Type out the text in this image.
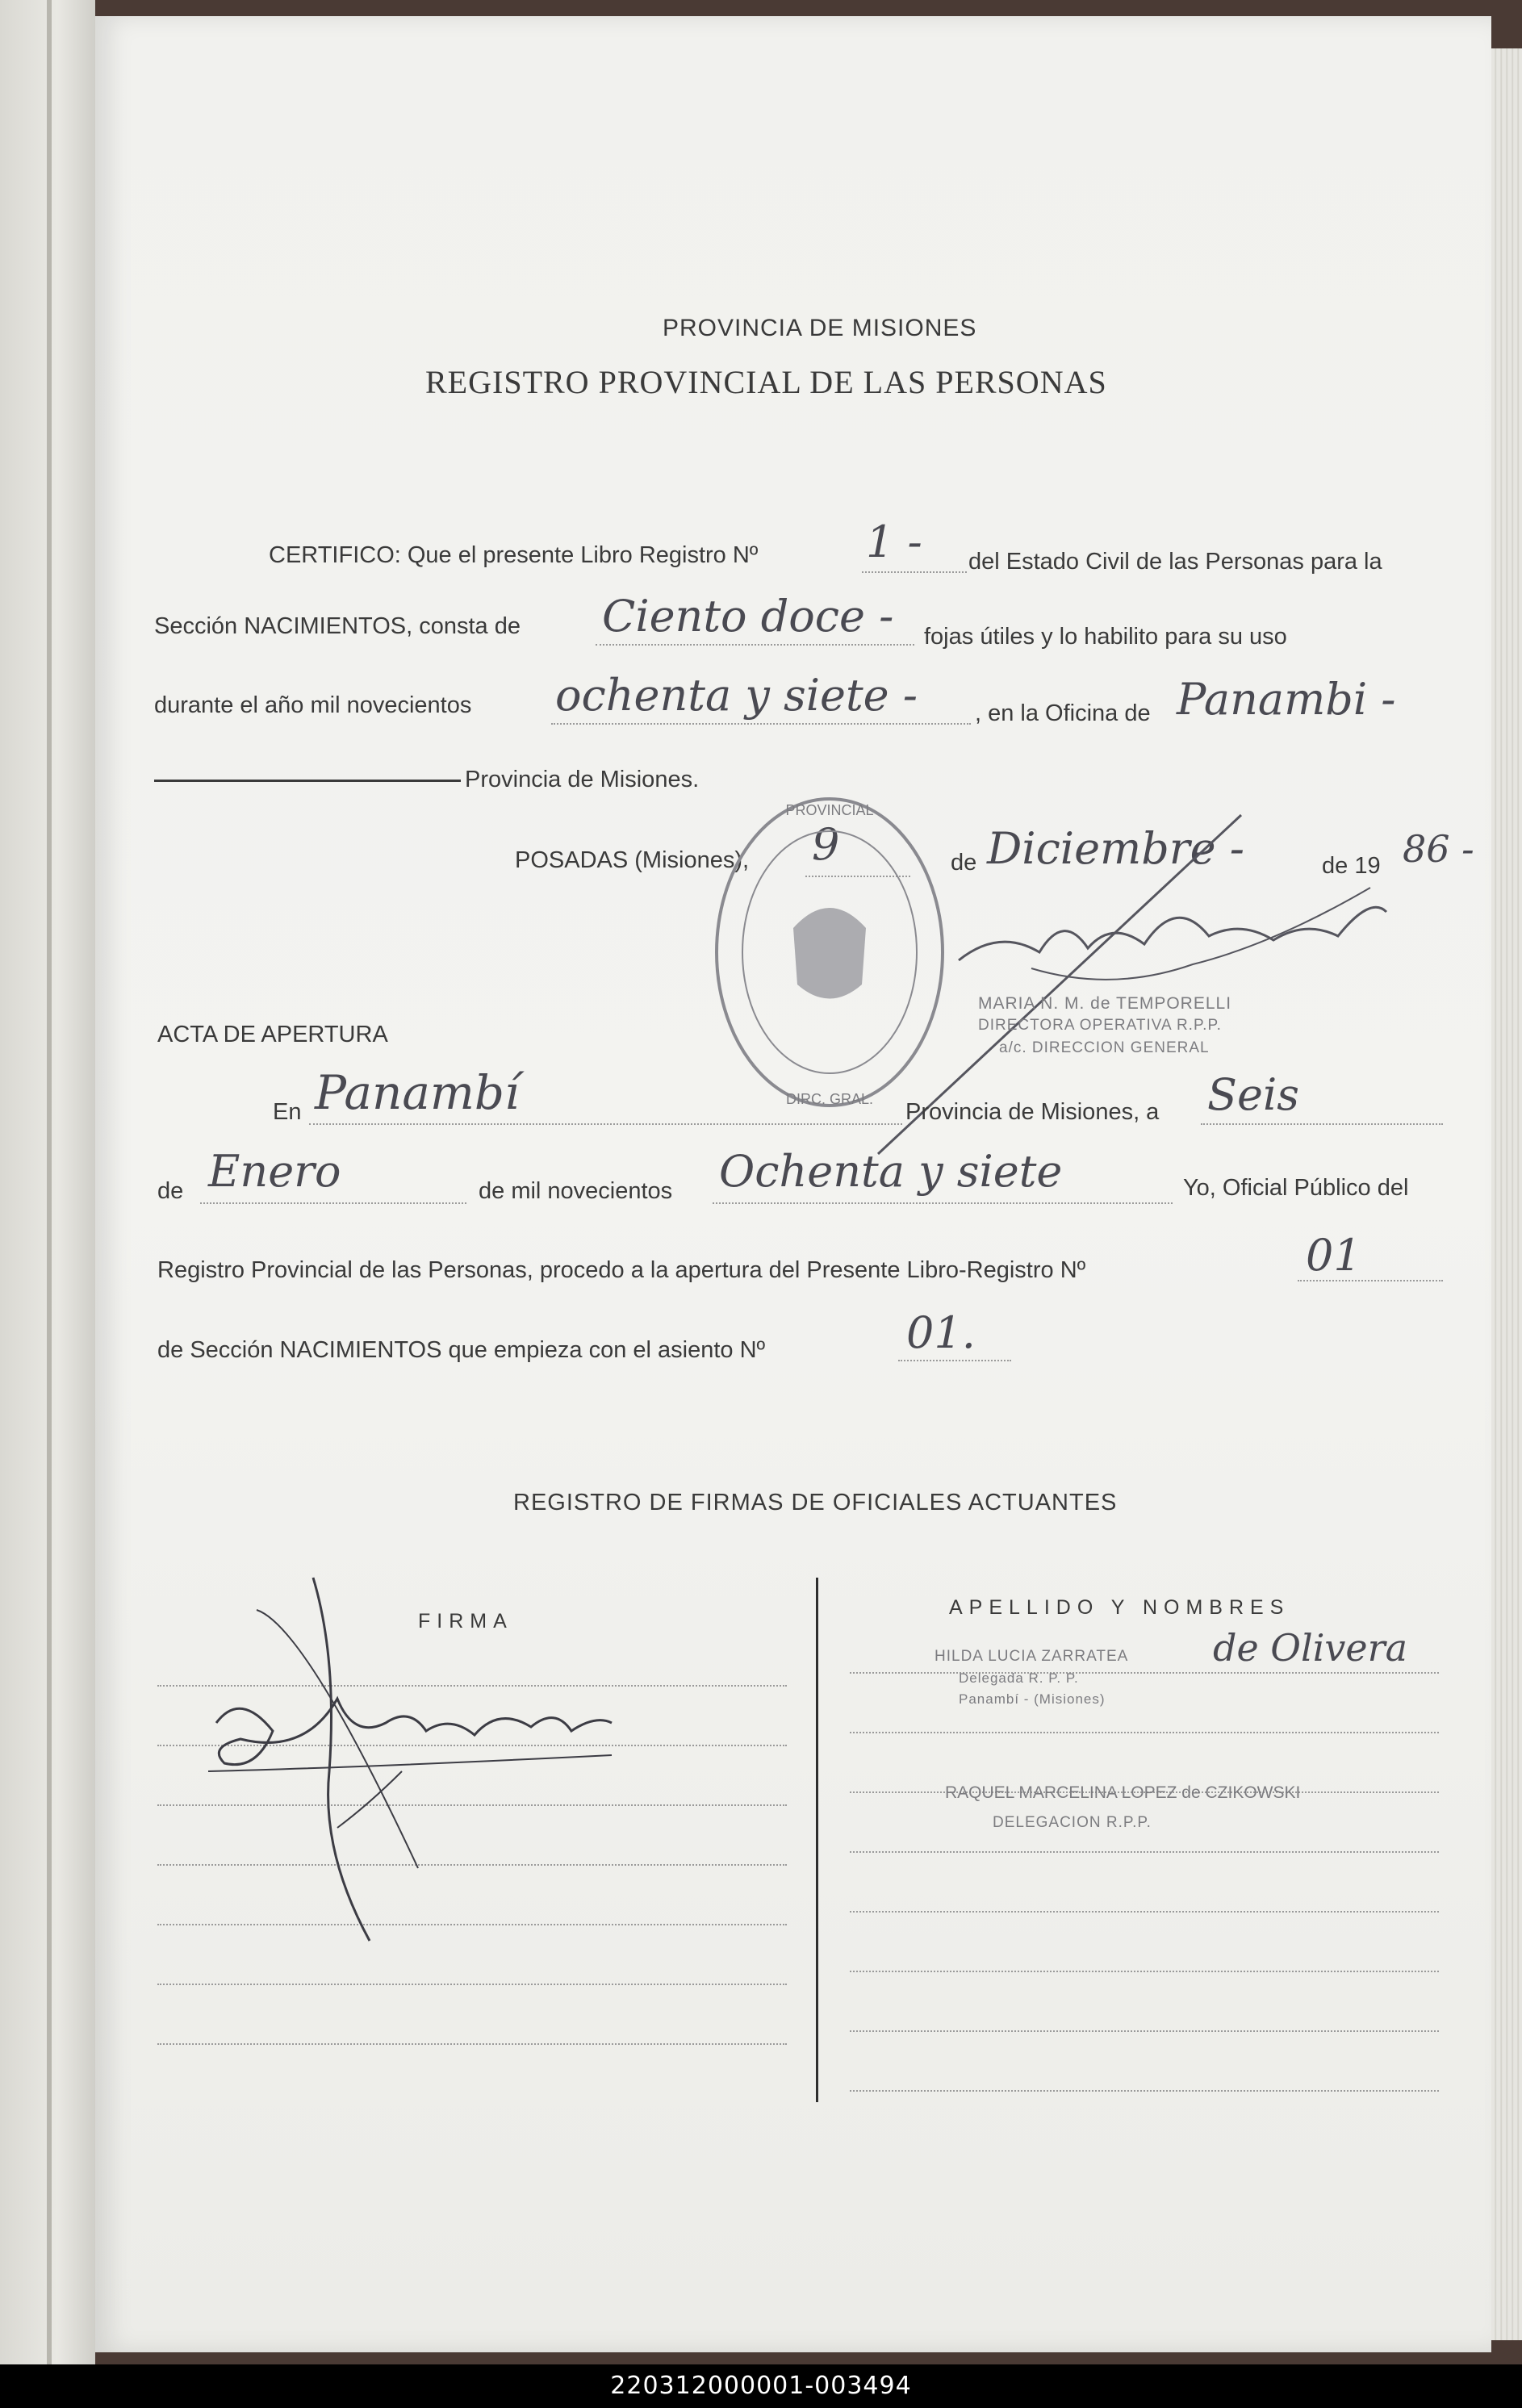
PROVINCIA DE MISIONES
REGISTRO PROVINCIAL DE LAS PERSONAS
CERTIFICO: Que el presente Libro Registro Nº 1 - del Estado Civil de las Personas para la
Sección NACIMIENTOS, consta de Ciento doce - fojas útiles y lo habilito para su uso
durante el año mil novecientos ochenta y siete - , en la Oficina de Panambi -
Provincia de Misiones.
POSADAS (Misiones), 9	de Diciembre -	de 19 86 -
PROVINCIAL
DIRC. GRAL.
MARIA N. M. de TEMPORELLI
DIRECTORA OPERATIVA R.P.P.
a/c. DIRECCION GENERAL
ACTA DE APERTURA
En Panambí	Provincia de Misiones, a Seis
de Enero	de mil novecientos Ochenta y siete	Yo, Oficial Público del
Registro Provincial de las Personas, procedo a la apertura del Presente Libro-Registro Nº	01
de Sección NACIMIENTOS que empieza con el asiento Nº	01.
REGISTRO DE FIRMAS DE OFICIALES ACTUANTES
FIRMA
APELLIDO Y NOMBRES
HILDA LUCIA ZARRATEA de Olivera
Delegada R. P. P.
Panambí - (Misiones)
RAQUEL MARCELINA LOPEZ de CZIKOWSKI
DELEGACION R.P.P.
220312000001-003494
